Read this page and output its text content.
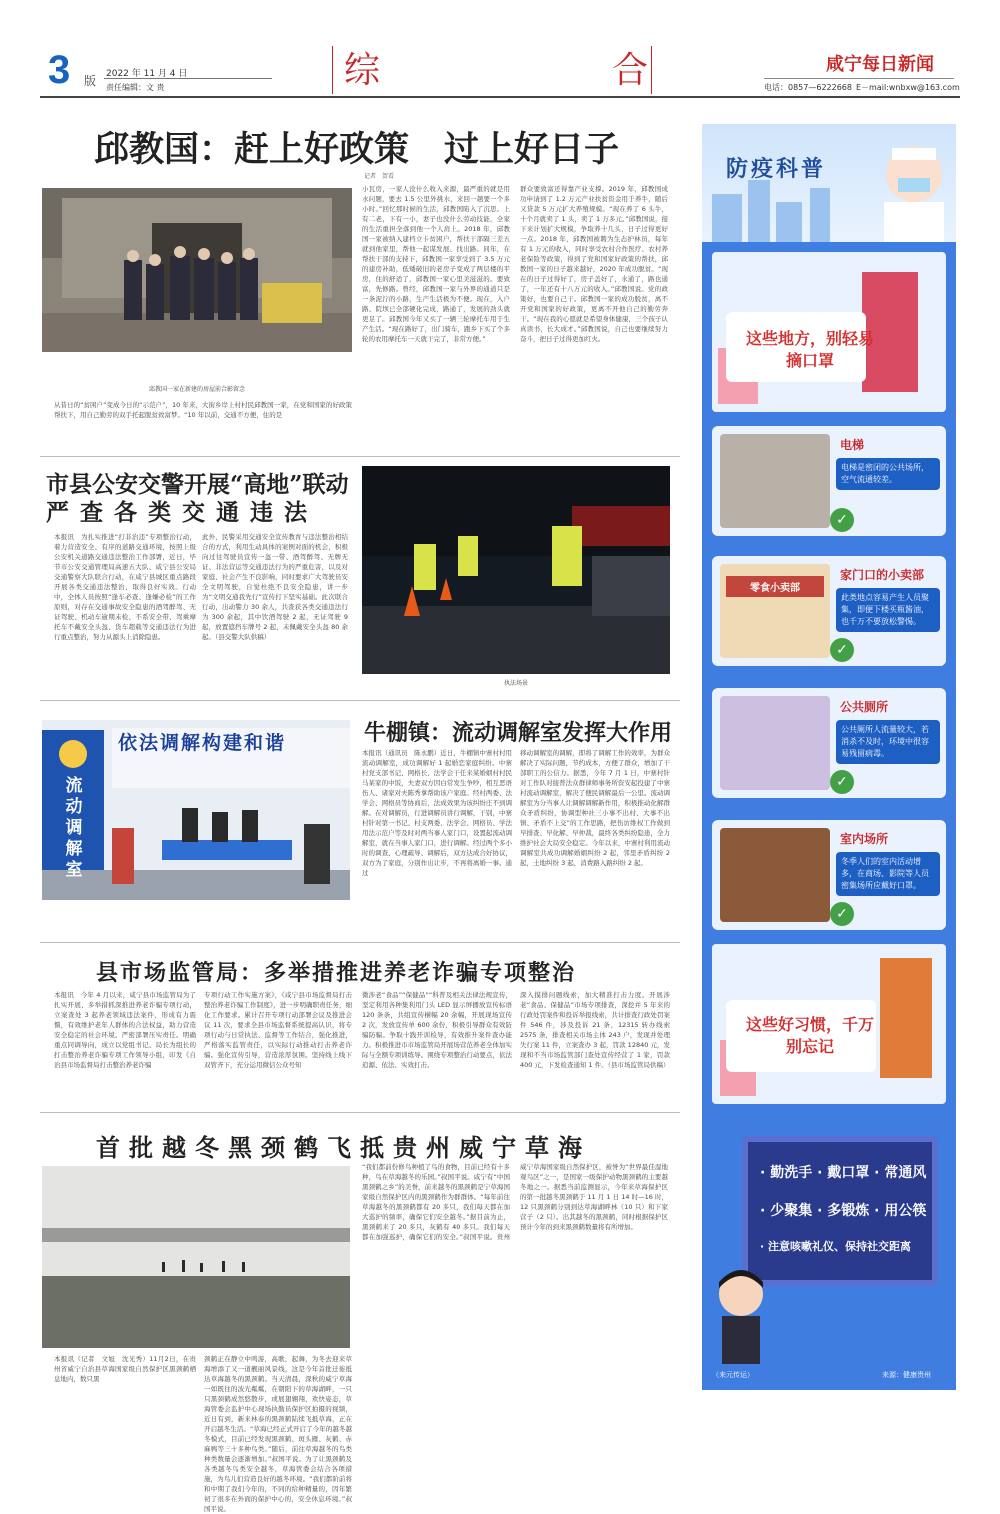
3 版 2022 年 11 月 4 日
责任编辑：文 贵	综	合	咸宁每日新闻
电话：0857—6222668 E－mail:wnbxw@163.com
邱教国：赶上好政策　过上好日子
记者　贺看
邱教国一家在新建的房屋前合影留念
从昔日的“贫困户”变成今日的“示范户”，10 年来，大街乡岸上村村民邱教国一家，在党和国家的好政策帮扶下，用自己勤劳的双手托起脱贫致富梦。“10 年以前，交通不方便，住的是
小瓦房，一家人没什么收入来源，最严重的就是用水问题，要去 1.5 公里外挑水，来回一趟要一个多小时。”回忆那时候的生活，邱教国陷入了沉思。上有二老，下有一小，妻子也没什么劳动技能，全家的生活重担全落到他一个人肩上。2018 年，邱教国一家被纳入建档立卡贫困户，帮扶干部隔三差五就到他家里，帮他一起谋发展、找出路。同年，在帮扶干部的支持下，邱教国一家享受到了 3.5 万元的建房补助，低矮破旧的老房子变成了两层楼的平房，住的舒适了，邱教国一家心里美滋滋的。要致富，先修路。曾经，邱教国一家与外界的通道只是一条泥泞的小路，生产生活极为不便。现在，入户路、院坝已全部硬化完成，路通了，发展的劲头就更足了。邱教国今年又买了一辆三轮摩托车用于生产生活。“现在路好了，出门骑车，跑乡下买了个多轮的农用摩托车一天就干完了，非常方便。”
群众要致富还得靠产业支撑。2019 年，邱教国成功申请到了 1.2 万元产业扶贫资金用于养牛，随后又贷款 5 万元扩大养殖规模。“现在养了 6 头牛，十个月就卖了 1 头，卖了 1 万多元。”邱教国说，接下来计划扩大规模，争取养十几头，日子过得更好一点。2018 年，邱教国被聘为生态护林员，每年有 1 万元的收入，同时享受农村合作医疗、农村养老保险等政策，得到了党和国家好政策的帮扶，邱教国一家的日子越来越好，2020 年成功脱贫。“现在的日子过得好了，房子盖好了，水通了，路也通了，一年还有十八万元的收入。”邱教国说。党的政策好，也要自己干。邱教国一家的成功脱贫，离不开党和国家的好政策，更离不开他自己的勤劳奔干。“现在我的心愿就是希望身体健康，三个孩子认真读书，长大成才。”邱教国说，自己也要继续努力奋斗，把日子过得更加红火。
市县公安交警开展“高地”联动
严查各类交通违法
本报讯　为扎实推进“打非治违”专项整治行动，着力营造安全、有序的道路交通环境，按照上级公安机关道路交通违法整治工作部署，近日，毕节市公安交通管理局高速五大队、咸宁县公安局交通警察大队联合行动，在咸宁县城区重点路段开展各类交通违法整治，取得良好实效。行动中，全体人员按照“逢车必查、逢嫌必检”的工作原则，对存在交通事故安全隐患的酒驾醉驾、无证驾驶、机动车逾期未检、不系安全带、驾乘摩托车不戴安全头盔、货车超载等交通违法行为进行重点整治，努力从源头上消除隐患。
此外，民警采用交通安全宣传教育与违法整治相结合的方式，利用生动具体的案例对面的机会，积极向过往驾驶员宣传一盔一带、酒驾醉驾、无牌无证、非法营运等交通违法行为的严重危害，以及对家庭、社会产生不良影响，同时要求广大驾驶员安全文明驾驶，自觉杜绝不良安全隐患，讲一步为“文明交通我先行”宣传打下坚实基础。此次联合行动，出动警力 30 余人，共查获各类交通违法行为 300 余起，其中饮酒驾驶 2 起，无证驾驶 9 起，放置遮挡车牌号 2 起，未佩戴安全头盔 80 余起。（县交警大队供稿）
执法场景
依法调解构建和谐
流动调解室
牛棚镇：流动调解室发挥大作用
本报讯（通讯员　陈永鹏）近日，牛棚镇中寨村村用流动调解室，成功调解好 1 起婚恋家庭纠纷。中寨村党支部书记、网格长、法学会干任来某婚姻村村民马某家的中饭，夫妻双方因白常发生争吵，相互恶语伤人、诸家对夫陈秀拿帮助该户家庭。经村两委、法学会、网格员等协商后，法成效果为该纠纷庄不到调解。在对调解员，行进调解员讲行调解，干别，中寨村针对第一书记、村支两委、法学会、网格员、学法用法示范户等及时对两当事人家门口，设置起流动调解室，就在当事人家门口，进行调解。经过两个多小时的调查、心理疏导、调解后，双方达成合好协议，双方为了家庭，分别作出让步，不再将离婚一事。通过
移动调解室的调解，即将了调解工作的效率，为群众解决了实际问题，节约成本，方便了群众，增加了干部职工的公信力。据悉，今年 7 月 1 日，中寨村针对工作队对接普法众群律师事务所资安起投建了中寨村流动调解室，解决了便民调解最后一公里。流动调解室为分当事人让调解调解新作用，积极推动化解群众矛盾纠纷，协调型种社三小事不出村、大事不出镇、矛盾不上交”的工作思路，把伤访维权工作做到早排查、早化解、早仲裁，最终各类纠纷隐患，全力维护社会大局安全稳定。今年以来，中寨村利用流动调解室共成功调解婚姻纠纷 2 起，邻里矛盾纠纷 2 起，土地纠纷 3 起，消费路入路纠纷 2 起。
县市场监管局：多举措推进养老诈骗专项整治
本报讯　今年 4 月以来，咸宁县市场监管局为了扎实开展、多举措抓深推进养老诈骗专项行动，立案查处 3 起养老领域违法案件，形成有力震慑，有效维护老年人群体的合法权益，助力营造安全稳定的社会环境。严密部署压实责任。明确重点同调导向，成立以党组书记、局长为组长的打击整治养老诈骗专项工作领导小组，印发《自治县市场监督局打击整治养老诈骗
专项行动工作实施方案》，《咸宁县市场监督局打击整治养老诈骗工作制度》，进一步明确职责任务，细化工作要求。累计召开专项行动部署会议及推进会议 11 次，要求全县市场监督系统提高认识，将专项行动与日常执法、监督等工作结合，强化推进，严格落实监管责任，以实际行动推动打击养老诈骗。强化宣传引导，营造浓厚氛围。坚持线上线下双管齐下，充分运用微信公众号知
微涉老“食品”“保健品”“科普及相关法律法规宣传，坚定利用各种集利用门头 LED 显示屏播放宣传标语 120 条条，共组宣传横幅 20 余幅，开展现场宣传 2 次，发放宣传单 600 余份，积极引导群众有效防骗防骗。争取十践开训检导，有效推升案件查办能力。积极推进市市场监管局开展场营范养老全体加实际与全额专项训练导。围绕专项整治行动要点，依法追源、依法、实效打击。
深入摸排问题线索，加大精准打击力度。开展涉老“食品、保健品”市场专项排查，深挖并 5 年来的行政处罚案件和投诉举报线索，共计排查行政处罚案件 546 件，涉及投诉 21 条，12315 转办线索 2575 条，排查相关市场主体 243 户，发现并处理失行案 11 件，立案查办 3 起，罚款 12840 元，发现和不当市场监管部门查处宣传经营了 1 家，罚款 400 元，下发检查通知 1 件。（县市场监管局供稿）
首批越冬黑颈鹤飞抵贵州威宁草海
本报讯（记者　文旭　沈光秀）11月2日，在贵州省威宁自治县草海国家级自然保护区黑颈鹤栖息地内，数只黑
颈鹤正在静立中鸣游，高歌，起舞，为冬去迎来草海增添了又一道靓丽风景线，这是今年首批迁徙抵达草海越冬的黑颈鹤。当天清晨，深秋的威宁草海一如既往的波光粼粼，在朝阳下的草海湖畔，一只只黑颈鹤成然悠散步，或展翅翱翔，欢快姿态，草海管委会监护中心现场执勤员保护区拍摄的视频，近日有到，新来林泰的黑颈鹤陆续飞抵草海，正在开启越冬生活。“草海已经正式开启了今年的越冬越冬模式，目前已经发现黑颈鹤、斑头雁、灰鹤、赤麻鸭等三十多种鸟类。”随后，前往草海越冬的鸟类种类数量会逐渐增加。”叔国平说。为了让黑颈鹤及各类越冬鸟类安全越冬，草海管委会结合各项措施，为鸟儿们营造良好的越冬环境。“我们都阶前将和中期了我们今年的，不同的给种精量的，因年繁初了很多在外面的保护中心的，安全休息环境。”叔国平说。
“我们都前份修鸟种植了鸟的食物，目前已经有十多种，鸟在草海越冬的乐园。”叔国平说。咸宁有“中国黑颈鹤之乡”的美誉，前来越冬的黑颈鹤是宁草海国家级自然保护区内的黑颈鹤作为群群体。“每年前往草海越冬的黑颈鹤都有 20 多只，我们每天都在加大巡护的频率，确保它们安全越冬。”据目前为止，黑颈鹤来了 20 多只，灰鹤有 40 多只。我们每天都在加强巡护，确保它们的安全。”叔国平说。贵州威宁草海国家级自然保护区，被誉为“世界最佳湿地观鸟区”之一，是国家一级保护动物黑颈鹤的主要越冬地之一。据悉当前监测显示，今年来草海保护区的第一批越冬黑颈鹤于 11 月 1 日 14 时—16 时，12 只黑颈鹤分别到达草海湖畔林（10 只）和下家营子（2 只）。出其越冬的黑颈鹤，同时根据保护区预计今年的到来黑颈鹤数量将有所增加。
防疫科普
这些地方，别轻易摘口罩
电梯
电梯是密闭的公共场所，空气流通较差。
✓
零食小卖部
家门口的小卖部
此类地点容易产生人员聚集，即便下楼买瓶酱油，也千万不要放松警惕。
✓
公共厕所
公共厕所人流量较大，若消杀不及时，环境中很容易残留病毒。
✓
室内场所
冬季人们的室内活动增多，在商场、影院等人员密集场所应戴好口罩。
✓
这些好习惯，千万别忘记
· 勤洗手 · 戴口罩 · 常通风
· 少聚集 · 多锻炼 · 用公筷
· 注意咳嗽礼仪、保持社交距离
（来元传运）	来源：健康贵州
